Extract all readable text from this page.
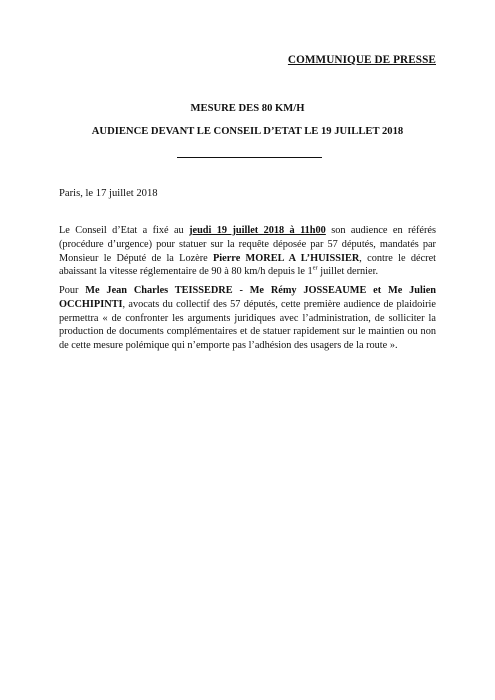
COMMUNIQUE DE PRESSE
MESURE DES 80 KM/H
AUDIENCE DEVANT LE CONSEIL D’ETAT LE 19 JUILLET 2018
Paris, le 17 juillet 2018

Le Conseil d’Etat a fixé au jeudi 19 juillet 2018 à 11h00 son audience en référés (procédure d’urgence) pour statuer sur la requête déposée par 57 députés, mandatés par Monsieur le Député de la Lozère Pierre MOREL A L’HUISSIER, contre le décret abaissant la vitesse réglementaire de 90 à 80 km/h depuis le 1er juillet dernier.

Pour Me Jean Charles TEISSEDRE - Me Rémy JOSSEAUME et Me Julien OCCHIPINTI, avocats du collectif des 57 députés, cette première audience de plaidoirie permettra « de confronter les arguments juridiques avec l’administration, de solliciter la production de documents complémentaires et de statuer rapidement sur le maintien ou non de cette mesure polémique qui n’emporte pas l’adhésion des usagers de la route ».
